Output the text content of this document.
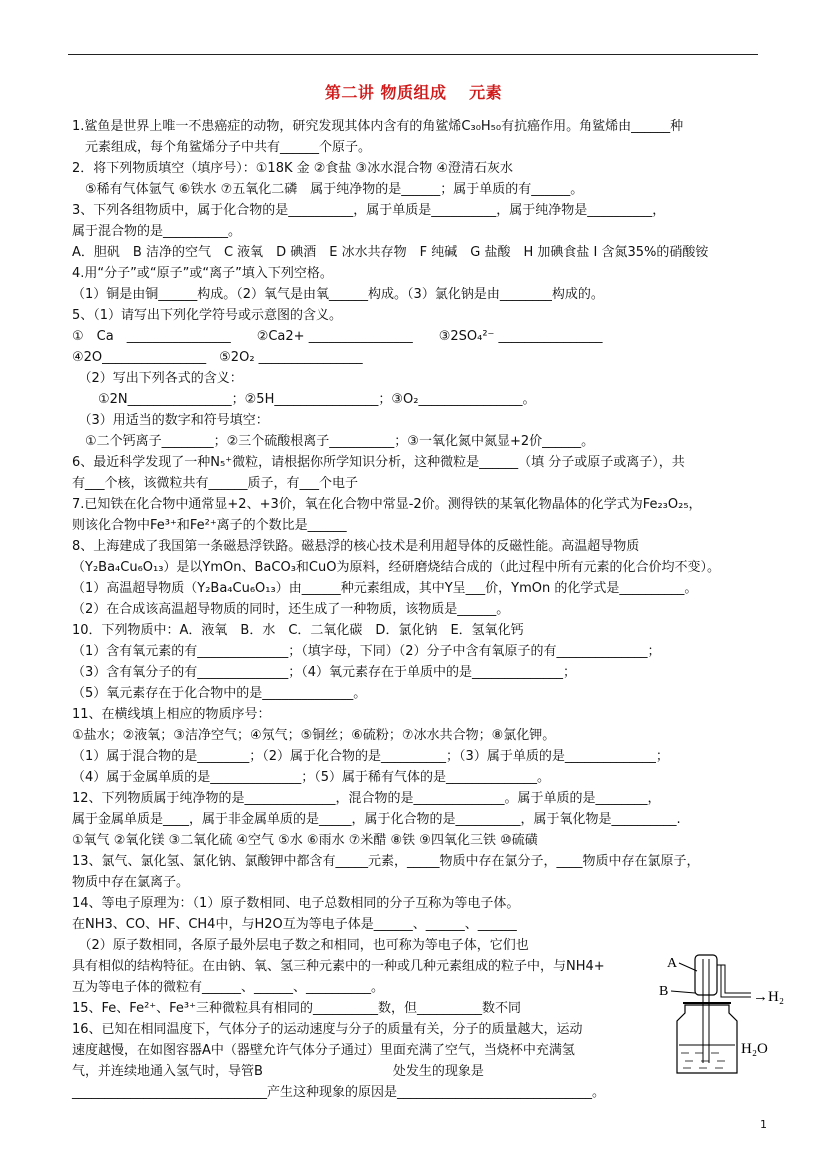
第二讲 物质组成　 元素
1.鲨鱼是世界上唯一不患癌症的动物，研究发现其体内含有的角鲨烯C₃₀H₅₀有抗癌作用。角鲨烯由______种
　元素组成，每个角鲨烯分子中共有______个原子。
2．将下列物质填空（填序号）：①18K 金 ②食盐 ③冰水混合物 ④澄清石灰水
　⑤稀有气体氩气 ⑥铁水 ⑦五氧化二磷　属于纯净物的是______；属于单质的有______。
3、下列各组物质中，属于化合物的是__________，属于单质是__________，属于纯净物是__________，
属于混合物的是__________。
A．胆矾　B 洁净的空气　C 液氧　D 碘酒　E 冰水共存物　F 纯碱　G 盐酸　H 加碘食盐 I 含氮35%的硝酸铵
4.用“分子”或“原子”或“离子”填入下列空格。
（1）铜是由铜______构成。（2）氧气是由氧______构成。（3）氯化钠是由________构成的。
5、（1）请写出下列化学符号或示意图的含义。
①　Ca　________________　　②Ca2+ ________________　　③2SO₄²⁻ ________________
④2O________________　⑤2O₂ ________________
　（2）写出下列各式的含义：
　　①2N________________；②5H________________；③O₂________________。
　（3）用适当的数字和符号填空：
　①二个钙离子________；②三个硫酸根离子__________；③一氧化氮中氮显+2价______。
6、最近科学发现了一种N₅⁺微粒，请根据你所学知识分析，这种微粒是______（填 分子或原子或离子），共
有___个核，该微粒共有______质子，有___个电子
7.已知铁在化合物中通常显+2、+3价，氧在化合物中常显-2价。测得铁的某氧化物晶体的化学式为Fe₂₃O₂₅，
则该化合物中Fe³⁺和Fe²⁺离子的个数比是______
8、上海建成了我国第一条磁悬浮铁路。磁悬浮的核心技术是利用超导体的反磁性能。高温超导物质
（Y₂Ba₄Cu₆O₁₃）是以YmOn、BaCO₃和CuO为原料，经研磨烧结合成的（此过程中所有元素的化合价均不变）。
（1）高温超导物质（Y₂Ba₄Cu₆O₁₃）由______种元素组成，其中Y呈___价，YmOn 的化学式是__________。
（2）在合成该高温超导物质的同时，还生成了一种物质，该物质是______。
10．下列物质中：A．液氧　B．水　C．二氧化碳　D．氯化钠　E．氢氧化钙
（1）含有氧元素的有______________；（填字母，下同）（2）分子中含有氧原子的有______________；
（3）含有氧分子的有______________；（4）氧元素存在于单质中的是______________；
（5）氧元素存在于化合物中的是______________。
11、在横线填上相应的物质序号：
①盐水；②液氧；③洁净空气；④氖气；⑤铜丝；⑥硫粉；⑦冰水共合物；⑧氯化钾。
（1）属于混合物的是________；（2）属于化合物的是__________；（3）属于单质的是______________；
（4）属于金属单质的是______________；（5）属于稀有气体的是______________。
12、下列物质属于纯净物的是______________，混合物的是______________。属于单质的是________，
属于金属单质是____，属于非金属单质的是_____，属于化合物的是__________，属于氧化物是__________.
①氧气 ②氧化镁 ③二氧化硫 ④空气 ⑤水 ⑥雨水 ⑦米醋 ⑧铁 ⑨四氧化三铁 ⑩硫磺
13、氯气、氯化氢、氯化钠、氯酸钾中都含有_____元素，_____物质中存在氯分子，____物质中存在氯原子，
物质中存在氯离子。
14、等电子原理为：（1）原子数相同、电子总数相同的分子互称为等电子体。
在NH3、CO、HF、CH4中，与H2O互为等电子体是______、______、______
　（2）原子数相同，各原子最外层电子数之和相同，也可称为等电子体，它们也
具有相似的结构特征。在由钠、氧、氢三种元素中的一种或几种元素组成的粒子中，与NH4+
互为等电子体的微粒有______、______、__________。
15、Fe、Fe²⁺、Fe³⁺三种微粒具有相同的__________数，但__________数不同
16、已知在相同温度下，气体分子的运动速度与分子的质量有关，分子的质量越大，运动
速度越慢，在如图容器A中（器壁允许气体分子通过）里面充满了空气，当烧杯中充满氢
气，并连续地通入氢气时，导管B　　　　　　　　　　处发生的现象是
______________________________产生这种现象的原因是______________________________。
A
B	→H₂
H₂O
1
